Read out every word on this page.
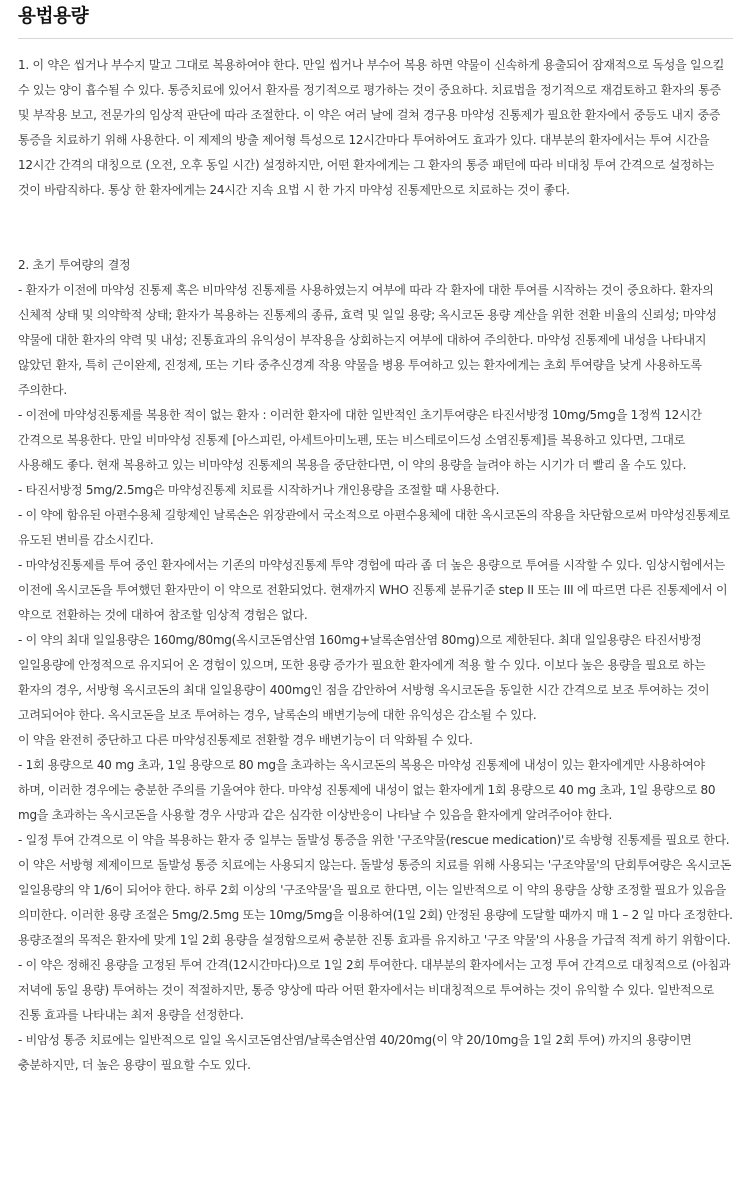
용법용량

1. 이 약은 씹거나 부수지 말고 그대로 복용하여야 한다. 만일 씹거나 부수어 복용 하면 약물이 신속하게 용출되어 잠재적으로 독성을 일으킬 수 있는 양이 흡수될 수 있다. 통증치료에 있어서 환자를 정기적으로 평가하는 것이 중요하다. 치료법을 정기적으로 재검토하고 환자의 통증 및 부작용 보고, 전문가의 임상적 판단에 따라 조절한다. 이 약은 여러 날에 걸쳐 경구용 마약성 진통제가 필요한 환자에서 중등도 내지 중증 통증을 치료하기 위해 사용한다. 이 제제의 방출 제어형 특성으로 12시간마다 투여하여도 효과가 있다. 대부분의 환자에서는 투여 시간을 12시간 간격의 대칭으로 (오전, 오후 동일 시간) 설정하지만, 어떤 환자에게는 그 환자의 통증 패턴에 따라 비대칭 투여 간격으로 설정하는 것이 바람직하다. 통상 한 환자에게는 24시간 지속 요법 시 한 가지 마약성 진통제만으로 치료하는 것이 좋다.

2. 초기 투여량의 결정

- 환자가 이전에 마약성 진통제 혹은 비마약성 진통제를 사용하였는지 여부에 따라 각 환자에 대한 투여를 시작하는 것이 중요하다. 환자의 신체적 상태 및 의약학적 상태; 환자가 복용하는 진통제의 종류, 효력 및 일일 용량; 옥시코돈 용량 계산을 위한 전환 비율의 신뢰성; 마약성 약물에 대한 환자의 약력 및 내성; 진통효과의 유익성이 부작용을 상회하는지 여부에 대하여 주의한다. 마약성 진통제에 내성을 나타내지 않았던 환자, 특히 근이완제, 진정제, 또는 기타 중추신경계 작용 약물을 병용 투여하고 있는 환자에게는 초회 투여량을 낮게 사용하도록 주의한다.

- 이전에 마약성진통제를 복용한 적이 없는 환자 : 이러한 환자에 대한 일반적인 초기투여량은 타진서방정 10mg/5mg을 1정씩 12시간 간격으로 복용한다. 만일 비마약성 진통제 [아스피린, 아세트아미노펜, 또는 비스테로이드성 소염진통제]를 복용하고 있다면, 그대로 사용해도 좋다. 현재 복용하고 있는 비마약성 진통제의 복용을 중단한다면, 이 약의 용량을 늘려야 하는 시기가 더 빨리 올 수도 있다.

- 타진서방정 5mg/2.5mg은 마약성진통제 치료를 시작하거나 개인용량을 조절할 때 사용한다.

- 이 약에 함유된 아편수용체 길항제인 날록손은 위장관에서 국소적으로 아편수용체에 대한 옥시코돈의 작용을 차단함으로써 마약성진통제로 유도된 변비를 감소시킨다.

- 마약성진통제를 투여 중인 환자에서는 기존의 마약성진통제 투약 경험에 따라 좀 더 높은 용량으로 투여를 시작할 수 있다. 임상시험에서는 이전에 옥시코돈을 투여했던 환자만이 이 약으로 전환되었다. 현재까지 WHO 진통제 분류기준 step II 또는 III 에 따르면 다른 진통제에서 이 약으로 전환하는 것에 대하여 참조할 임상적 경험은 없다.

- 이 약의 최대 일일용량은 160mg/80mg(옥시코돈염산염 160mg+날록손염산염 80mg)으로 제한된다. 최대 일일용량은 타진서방정 일일용량에 안정적으로 유지되어 온 경험이 있으며, 또한 용량 증가가 필요한 환자에게 적용 할 수 있다. 이보다 높은 용량을 필요로 하는 환자의 경우, 서방형 옥시코돈의 최대 일일용량이 400mg인 점을 감안하여 서방형 옥시코돈을 동일한 시간 간격으로 보조 투여하는 것이 고려되어야 한다. 옥시코돈을 보조 투여하는 경우, 날록손의 배변기능에 대한 유익성은 감소될 수 있다.

이 약을 완전히 중단하고 다른 마약성진통제로 전환할 경우 배변기능이 더 악화될 수 있다.

- 1회 용량으로 40 mg 초과, 1일 용량으로 80 mg을 초과하는 옥시코돈의 복용은 마약성 진통제에 내성이 있는 환자에게만 사용하여야 하며, 이러한 경우에는 충분한 주의를 기울여야 한다. 마약성 진통제에 내성이 없는 환자에게 1회 용량으로 40 mg 초과, 1일 용량으로 80 mg을 초과하는 옥시코돈을 사용할 경우 사망과 같은 심각한 이상반응이 나타날 수 있음을 환자에게 알려주어야 한다.

- 일정 투여 간격으로 이 약을 복용하는 환자 중 일부는 돌발성 통증을 위한 '구조약물(rescue medication)'로 속방형 진통제를 필요로 한다. 이 약은 서방형 제제이므로 돌발성 통증 치료에는 사용되지 않는다. 돌발성 통증의 치료를 위해 사용되는 '구조약물'의 단회투여량은 옥시코돈 일일용량의 약 1/6이 되어야 한다. 하루 2회 이상의 '구조약물'을 필요로 한다면, 이는 일반적으로 이 약의 용량을 상향 조정할 필요가 있음을 의미한다. 이러한 용량 조절은 5mg/2.5mg 또는 10mg/5mg을 이용하여(1일 2회) 안정된 용량에 도달할 때까지 매 1 – 2 일 마다 조정한다. 용량조절의 목적은 환자에 맞게 1일 2회 용량을 설정함으로써 충분한 진통 효과를 유지하고 '구조 약물'의 사용을 가급적 적게 하기 위함이다.

- 이 약은 정해진 용량을 고정된 투여 간격(12시간마다)으로 1일 2회 투여한다. 대부분의 환자에서는 고정 투여 간격으로 대칭적으로 (아침과 저녁에 동일 용량) 투여하는 것이 적절하지만, 통증 양상에 따라 어떤 환자에서는 비대칭적으로 투여하는 것이 유익할 수 있다. 일반적으로 진통 효과를 나타내는 최저 용량을 선정한다.

- 비암성 통증 치료에는 일반적으로 일일 옥시코돈염산염/날록손염산염 40/20mg(이 약 20/10mg을 1일 2회 투여) 까지의 용량이면 충분하지만, 더 높은 용량이 필요할 수도 있다.
